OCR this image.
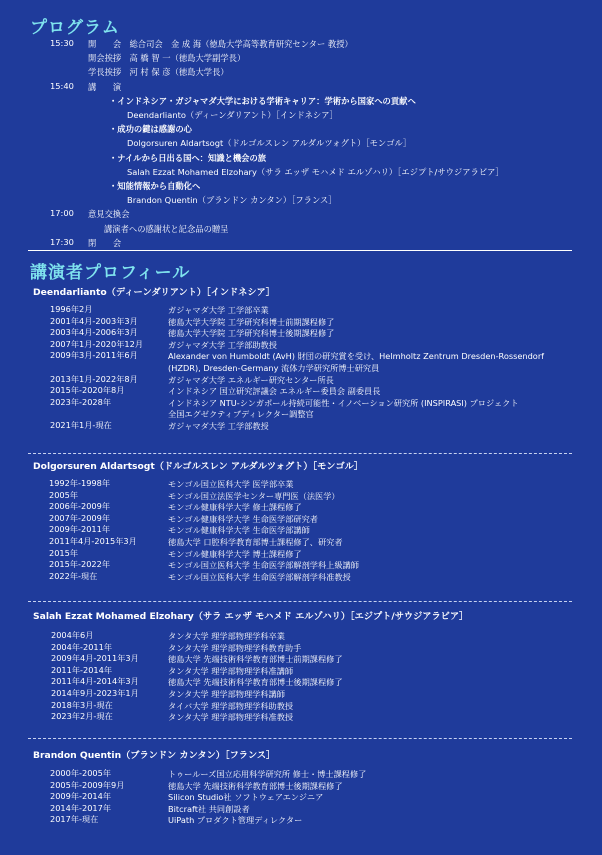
プログラム
15:30 開　　会　総合司会　金 成 海（徳島大学高等教育研究センター 教授）
開会挨拶　高 橋 智 一（徳島大学副学長）
学長挨拶　河 村 保 彦（徳島大学長）
15:40 講　　演
・インドネシア・ガジャマダ大学における学術キャリア：学術から国家への貢献へ
Deendarlianto（ディーンダリアント）［インドネシア］
・成功の鍵は感謝の心
Dolgorsuren Aldartsogt（ドルゴルスレン アルダルツォグト）［モンゴル］
・ナイルから日出る国へ：知識と機会の旅
Salah Ezzat Mohamed Elzohary（サラ エッザ モハメド エルゾハリ）［エジプト/サウジアラビア］
・知能情報から自動化へ
Brandon Quentin（ブランドン カンタン）［フランス］
17:00 意見交換会
講演者への感謝状と記念品の贈呈
17:30 閉　　会
講演者プロフィール
Deendarlianto（ディーンダリアント）［インドネシア］
1996年2月	ガジャマダ大学 工学部卒業
2001年4月-2003年3月	徳島大学大学院 工学研究科博士前期課程修了
2003年4月-2006年3月	徳島大学大学院 工学研究科博士後期課程修了
2007年1月-2020年12月	ガジャマダ大学 工学部助教授
2009年3月-2011年6月	Alexander von Humboldt (AvH) 財団の研究賞を受け、Helmholtz Zentrum Dresden-Rossendorf
(HZDR), Dresden-Germany 流体力学研究所博士研究員
2013年1月-2022年8月	ガジャマダ大学 エネルギー研究センター所長
2015年-2020年8月	インドネシア 国立研究評議会 エネルギー委員会 副委員長
2023年-2028年	インドネシア NTU-シンガポール持続可能性・イノベーション研究所 (INSPIRASI) プロジェクト
全国エグゼクティブディレクター調整官
2021年1月-現在	ガジャマダ大学 工学部教授
Dolgorsuren Aldartsogt（ドルゴルスレン アルダルツォグト）［モンゴル］
1992年-1998年	モンゴル国立医科大学 医学部卒業
2005年	モンゴル国立法医学センター専門医（法医学）
2006年-2009年	モンゴル健康科学大学 修士課程修了
2007年-2009年	モンゴル健康科学大学 生命医学部研究者
2009年-2011年	モンゴル健康科学大学 生命医学部講師
2011年4月-2015年3月	徳島大学 口腔科学教育部博士課程修了、研究者
2015年	モンゴル健康科学大学 博士課程修了
2015年-2022年	モンゴル国立医科大学 生命医学部解剖学科上級講師
2022年-現在	モンゴル国立医科大学 生命医学部解剖学科准教授
Salah Ezzat Mohamed Elzohary（サラ エッザ モハメド エルゾハリ）［エジプト/サウジアラビア］
2004年6月	タンタ大学 理学部物理学科卒業
2004年-2011年	タンタ大学 理学部物理学科教育助手
2009年4月-2011年3月	徳島大学 先端技術科学教育部博士前期課程修了
2011年-2014年	タンタ大学 理学部物理学科准講師
2011年4月-2014年3月	徳島大学 先端技術科学教育部博士後期課程修了
2014年9月-2023年1月	タンタ大学 理学部物理学科講師
2018年3月-現在	タイバ大学 理学部物理学科助教授
2023年2月-現在	タンタ大学 理学部物理学科准教授
Brandon Quentin（ブランドン カンタン）［フランス］
2000年-2005年	トゥールーズ国立応用科学研究所 修士・博士課程修了
2005年-2009年9月	徳島大学 先端技術科学教育部博士後期課程修了
2009年-2014年	Silicon Studio社 ソフトウェアエンジニア
2014年-2017年	Bitcraft社 共同創設者
2017年-現在	UiPath プロダクト管理ディレクター
